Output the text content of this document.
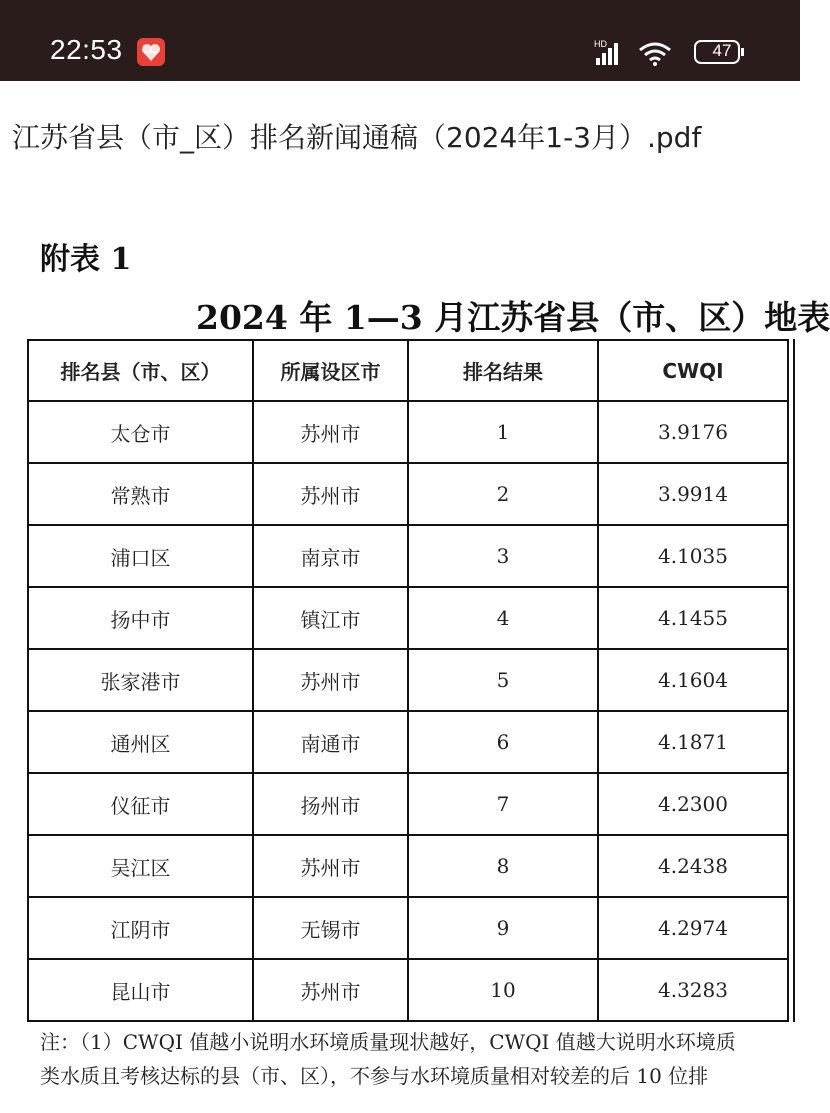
22:53	HD	47
江苏省县（市_区）排名新闻通稿（2024年1-3月）.pdf
附表 1
2024 年 1—3 月江苏省县（市、区）地表
排名县（市、区）	所属设区市	排名结果	CWQI
太仓市	苏州市	1	3.9176
常熟市	苏州市	2	3.9914
浦口区	南京市	3	4.1035
扬中市	镇江市	4	4.1455
张家港市	苏州市	5	4.1604
通州区	南通市	6	4.1871
仪征市	扬州市	7	4.2300
吴江区	苏州市	8	4.2438
江阴市	无锡市	9	4.2974
昆山市	苏州市	10	4.3283
注：（1）CWQI 值越小说明水环境质量现状越好，CWQI 值越大说明水环境质
类水质且考核达标的县（市、区），不参与水环境质量相对较差的后 10 位排
